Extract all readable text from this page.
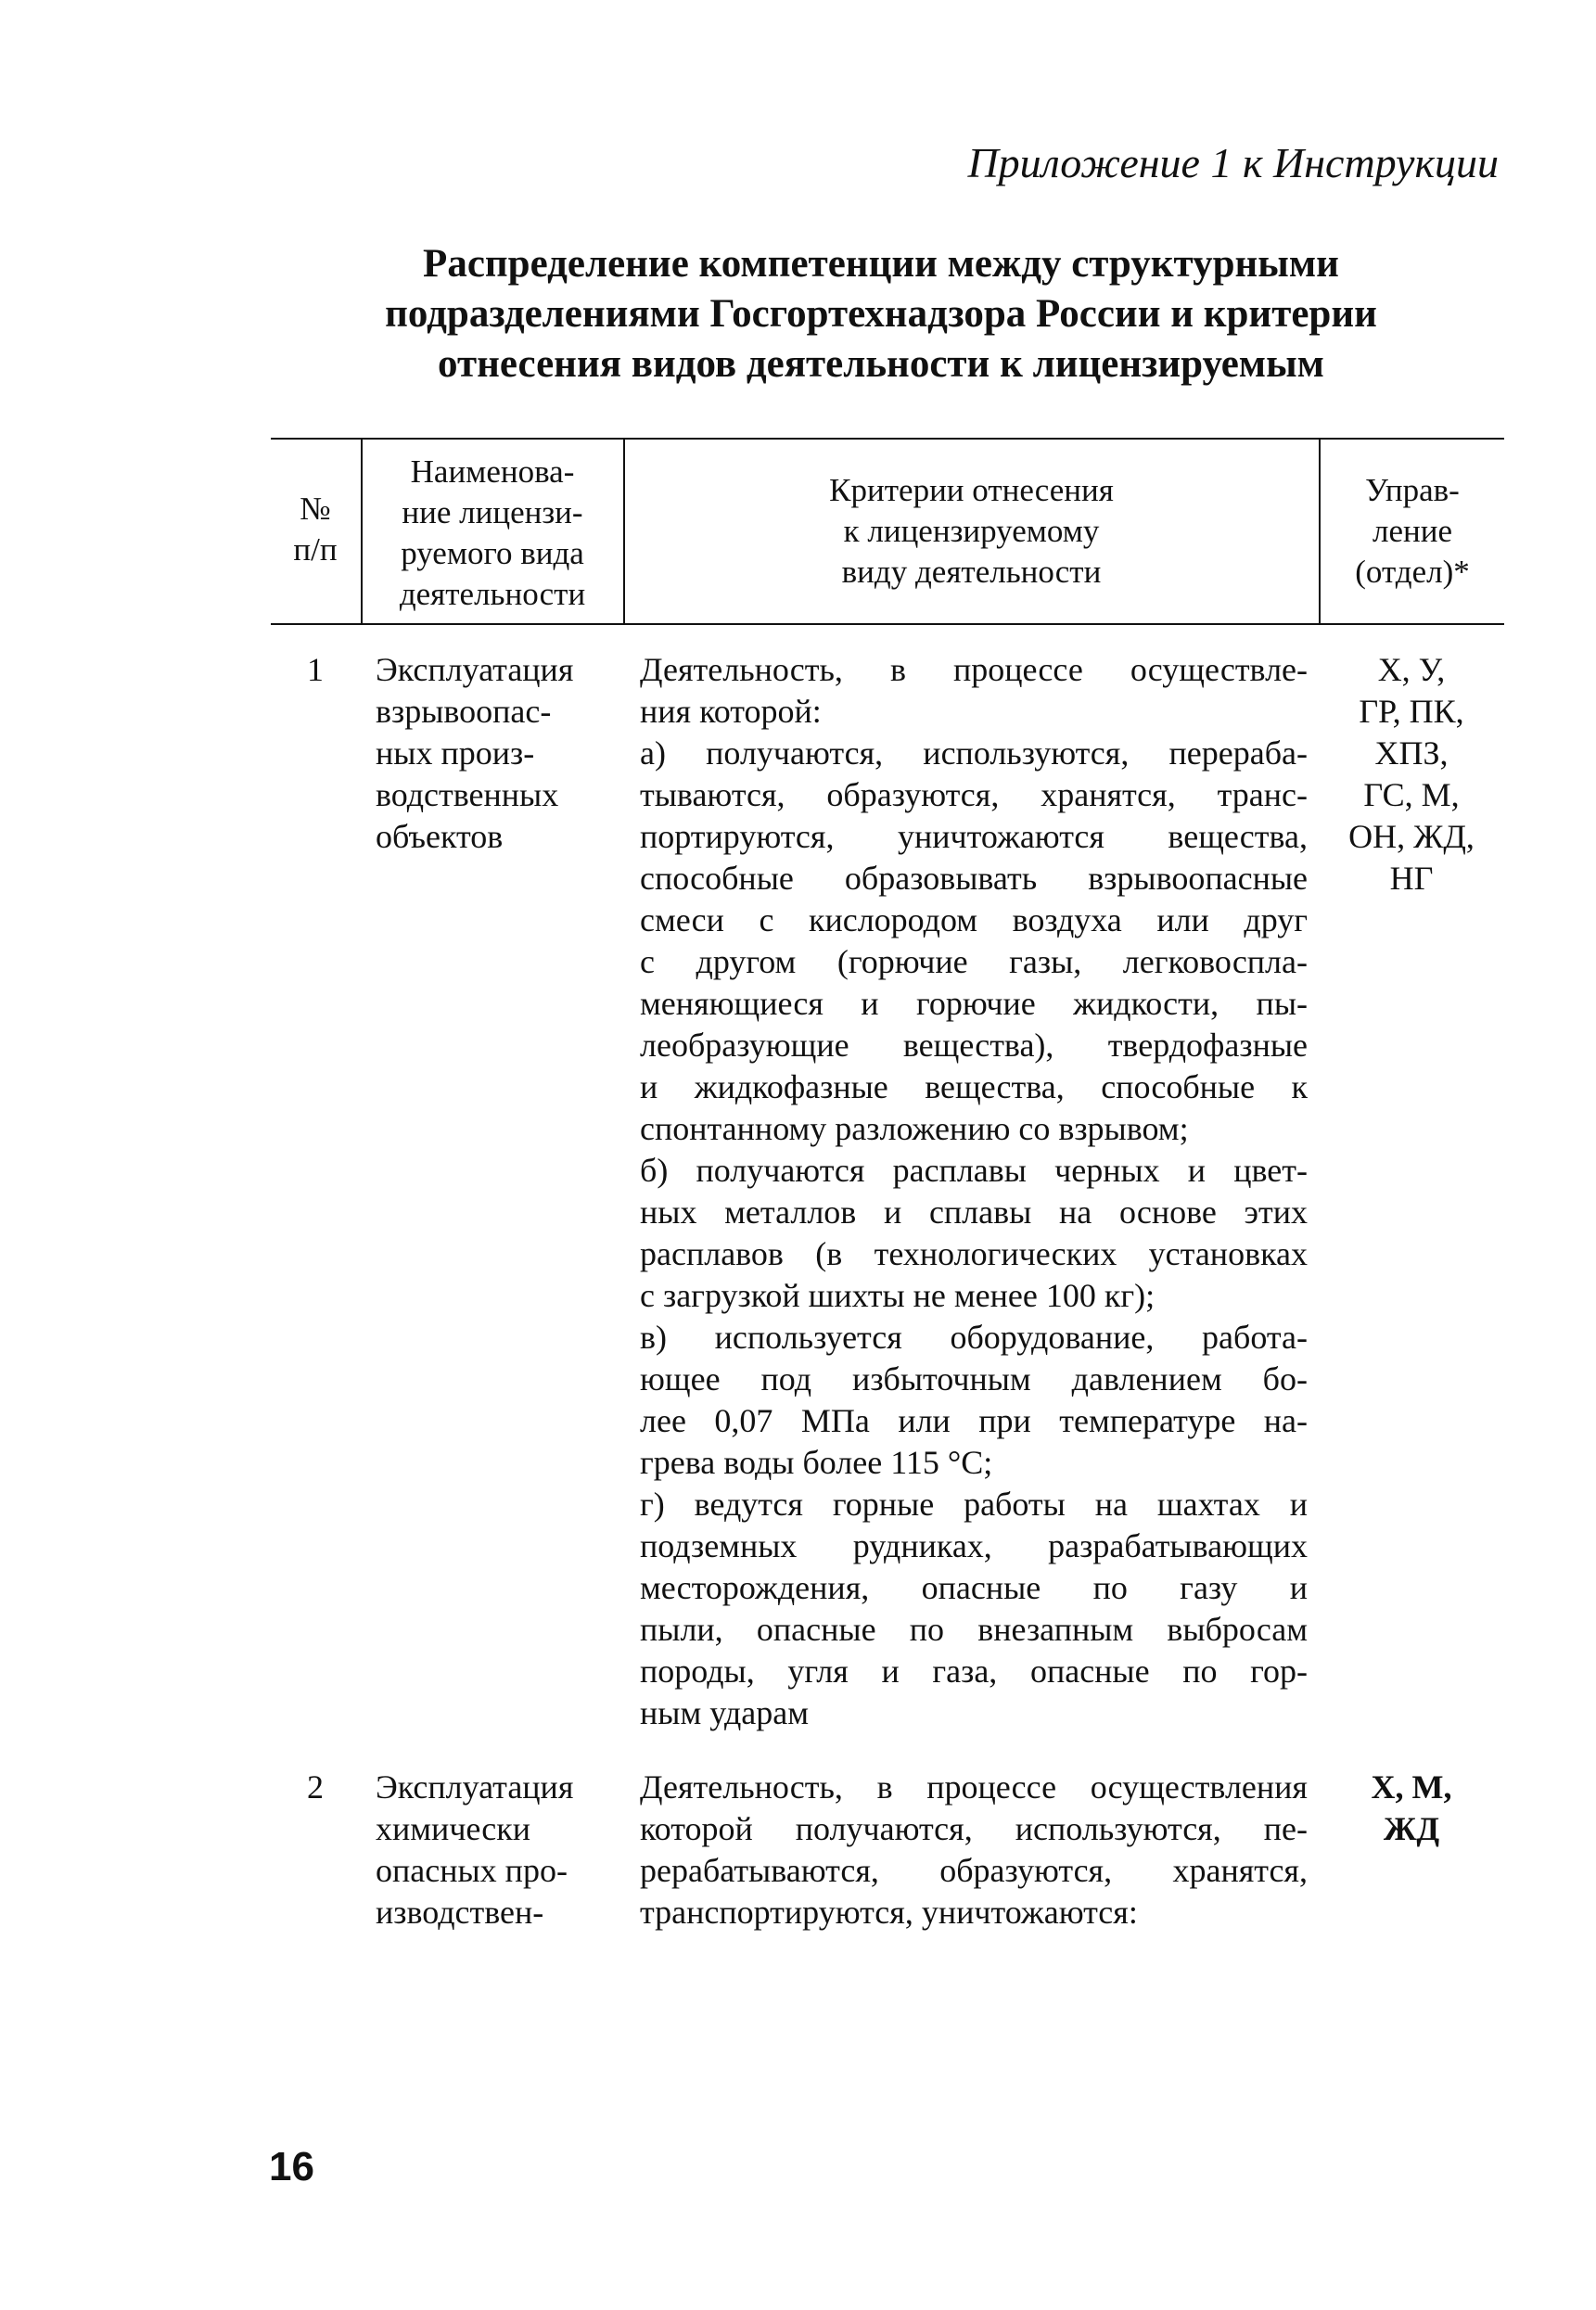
Приложение 1 к Инструкции
Распределение компетенции между структурными
подразделениями Госгортехнадзора России и критерии
отнесения видов деятельности к лицензируемым
№
п/п
Наименова-
ние лицензи-
руемого вида
деятельности
Критерии отнесения
к лицензируемому
виду деятельности
Управ-
ление
(отдел)*
1	Эксплуатация
взрывоопас-
ных произ-
водственных
объектов
Деятельность, в процессе осуществле-
ния которой:
а) получаются, используются, перераба-
тываются, образуются, хранятся, транс-
портируются, уничтожаются вещества,
способные образовывать взрывоопасные
смеси с кислородом воздуха или друг
с другом (горючие газы, легковоспла-
меняющиеся и горючие жидкости, пы-
леобразующие вещества), твердофазные
и жидкофазные вещества, способные к
спонтанному разложению со взрывом;
б) получаются расплавы черных и цвет-
ных металлов и сплавы на основе этих
расплавов (в технологических установках
с загрузкой шихты не менее 100 кг);
в) используется оборудование, работа-
ющее под избыточным давлением бо-
лее 0,07 МПа или при температуре на-
грева воды более 115 °С;
г) ведутся горные работы на шахтах и
подземных рудниках, разрабатывающих
месторождения, опасные по газу и
пыли, опасные по внезапным выбросам
породы, угля и газа, опасные по гор-
ным ударам
Х, У,
ГР, ПК,
ХПЗ,
ГС, М,
ОН, ЖД,
НГ
2	Эксплуатация
химически
опасных про-
изводствен-
Деятельность, в процессе осуществления
которой получаются, используются, пе-
рерабатываются, образуются, хранятся,
транспортируются, уничтожаются:
Х, М,
ЖД
16
